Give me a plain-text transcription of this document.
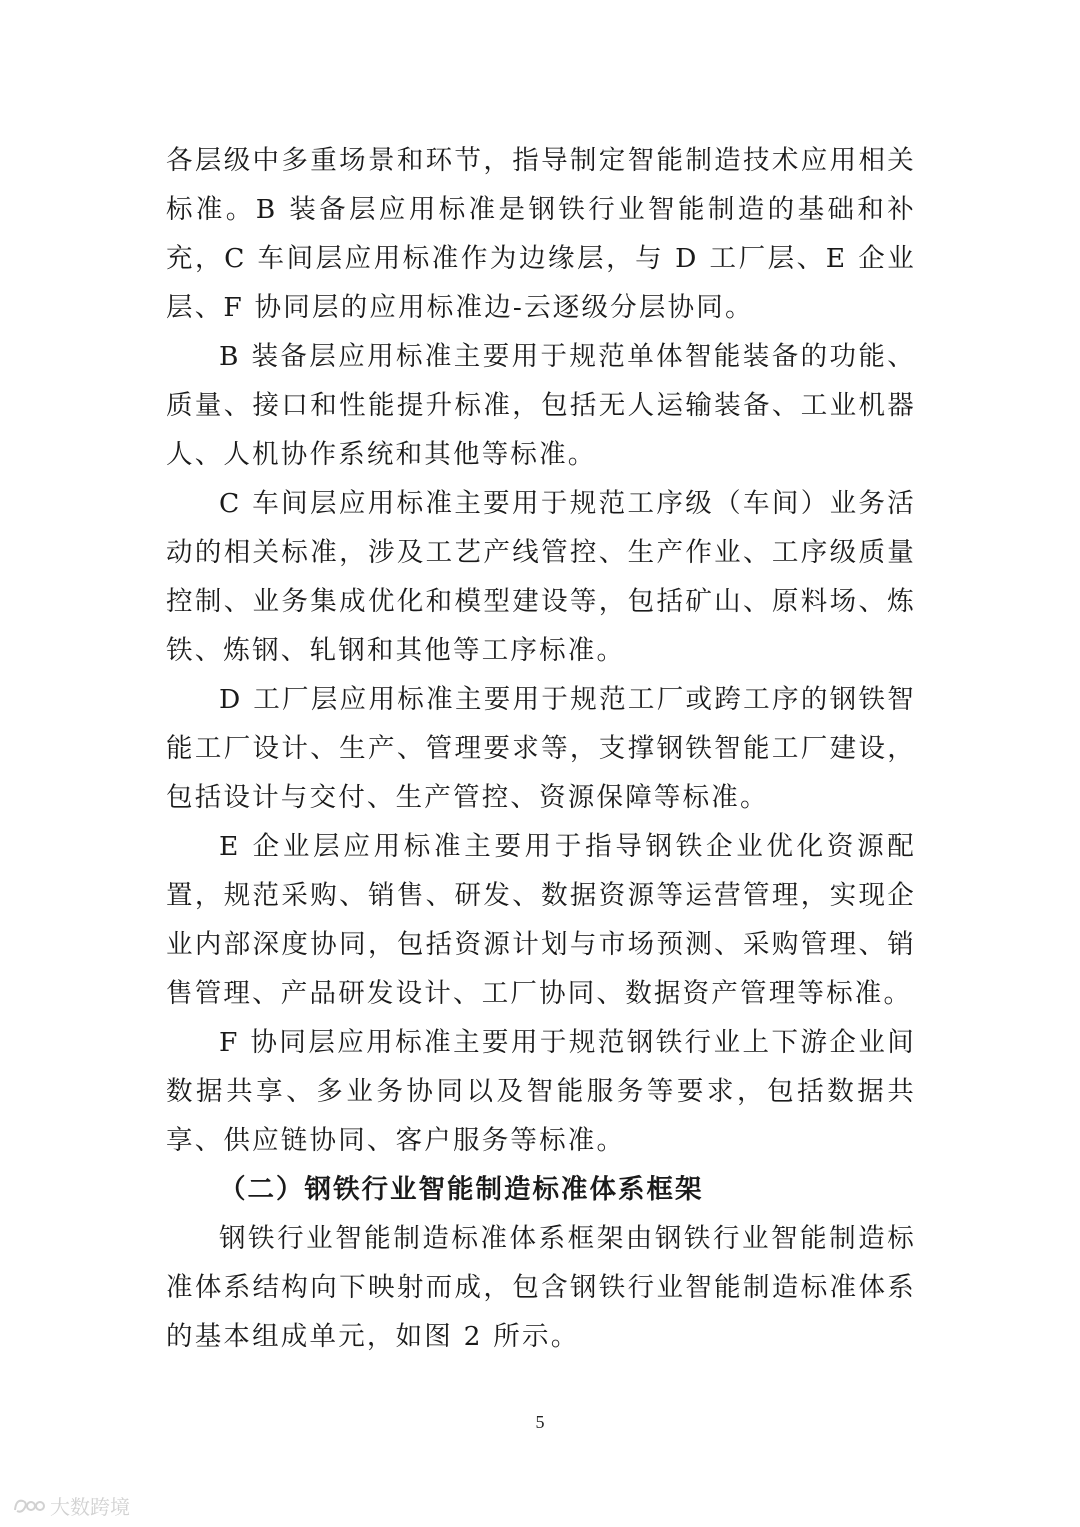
各层级中多重场景和环节，指导制定智能制造技术应用相关标准。B 装备层应用标准是钢铁行业智能制造的基础和补充，C 车间层应用标准作为边缘层，与 D 工厂层、E 企业层、F 协同层的应用标准边-云逐级分层协同。

B 装备层应用标准主要用于规范单体智能装备的功能、质量、接口和性能提升标准，包括无人运输装备、工业机器人、人机协作系统和其他等标准。

C 车间层应用标准主要用于规范工序级（车间）业务活动的相关标准，涉及工艺产线管控、生产作业、工序级质量控制、业务集成优化和模型建设等，包括矿山、原料场、炼铁、炼钢、轧钢和其他等工序标准。

D 工厂层应用标准主要用于规范工厂或跨工序的钢铁智能工厂设计、生产、管理要求等，支撑钢铁智能工厂建设，包括设计与交付、生产管控、资源保障等标准。

E 企业层应用标准主要用于指导钢铁企业优化资源配置，规范采购、销售、研发、数据资源等运营管理，实现企业内部深度协同，包括资源计划与市场预测、采购管理、销售管理、产品研发设计、工厂协同、数据资产管理等标准。

F 协同层应用标准主要用于规范钢铁行业上下游企业间数据共享、多业务协同以及智能服务等要求，包括数据共享、供应链协同、客户服务等标准。

（二）钢铁行业智能制造标准体系框架

钢铁行业智能制造标准体系框架由钢铁行业智能制造标准体系结构向下映射而成，包含钢铁行业智能制造标准体系的基本组成单元，如图 2 所示。

5
大数跨境
